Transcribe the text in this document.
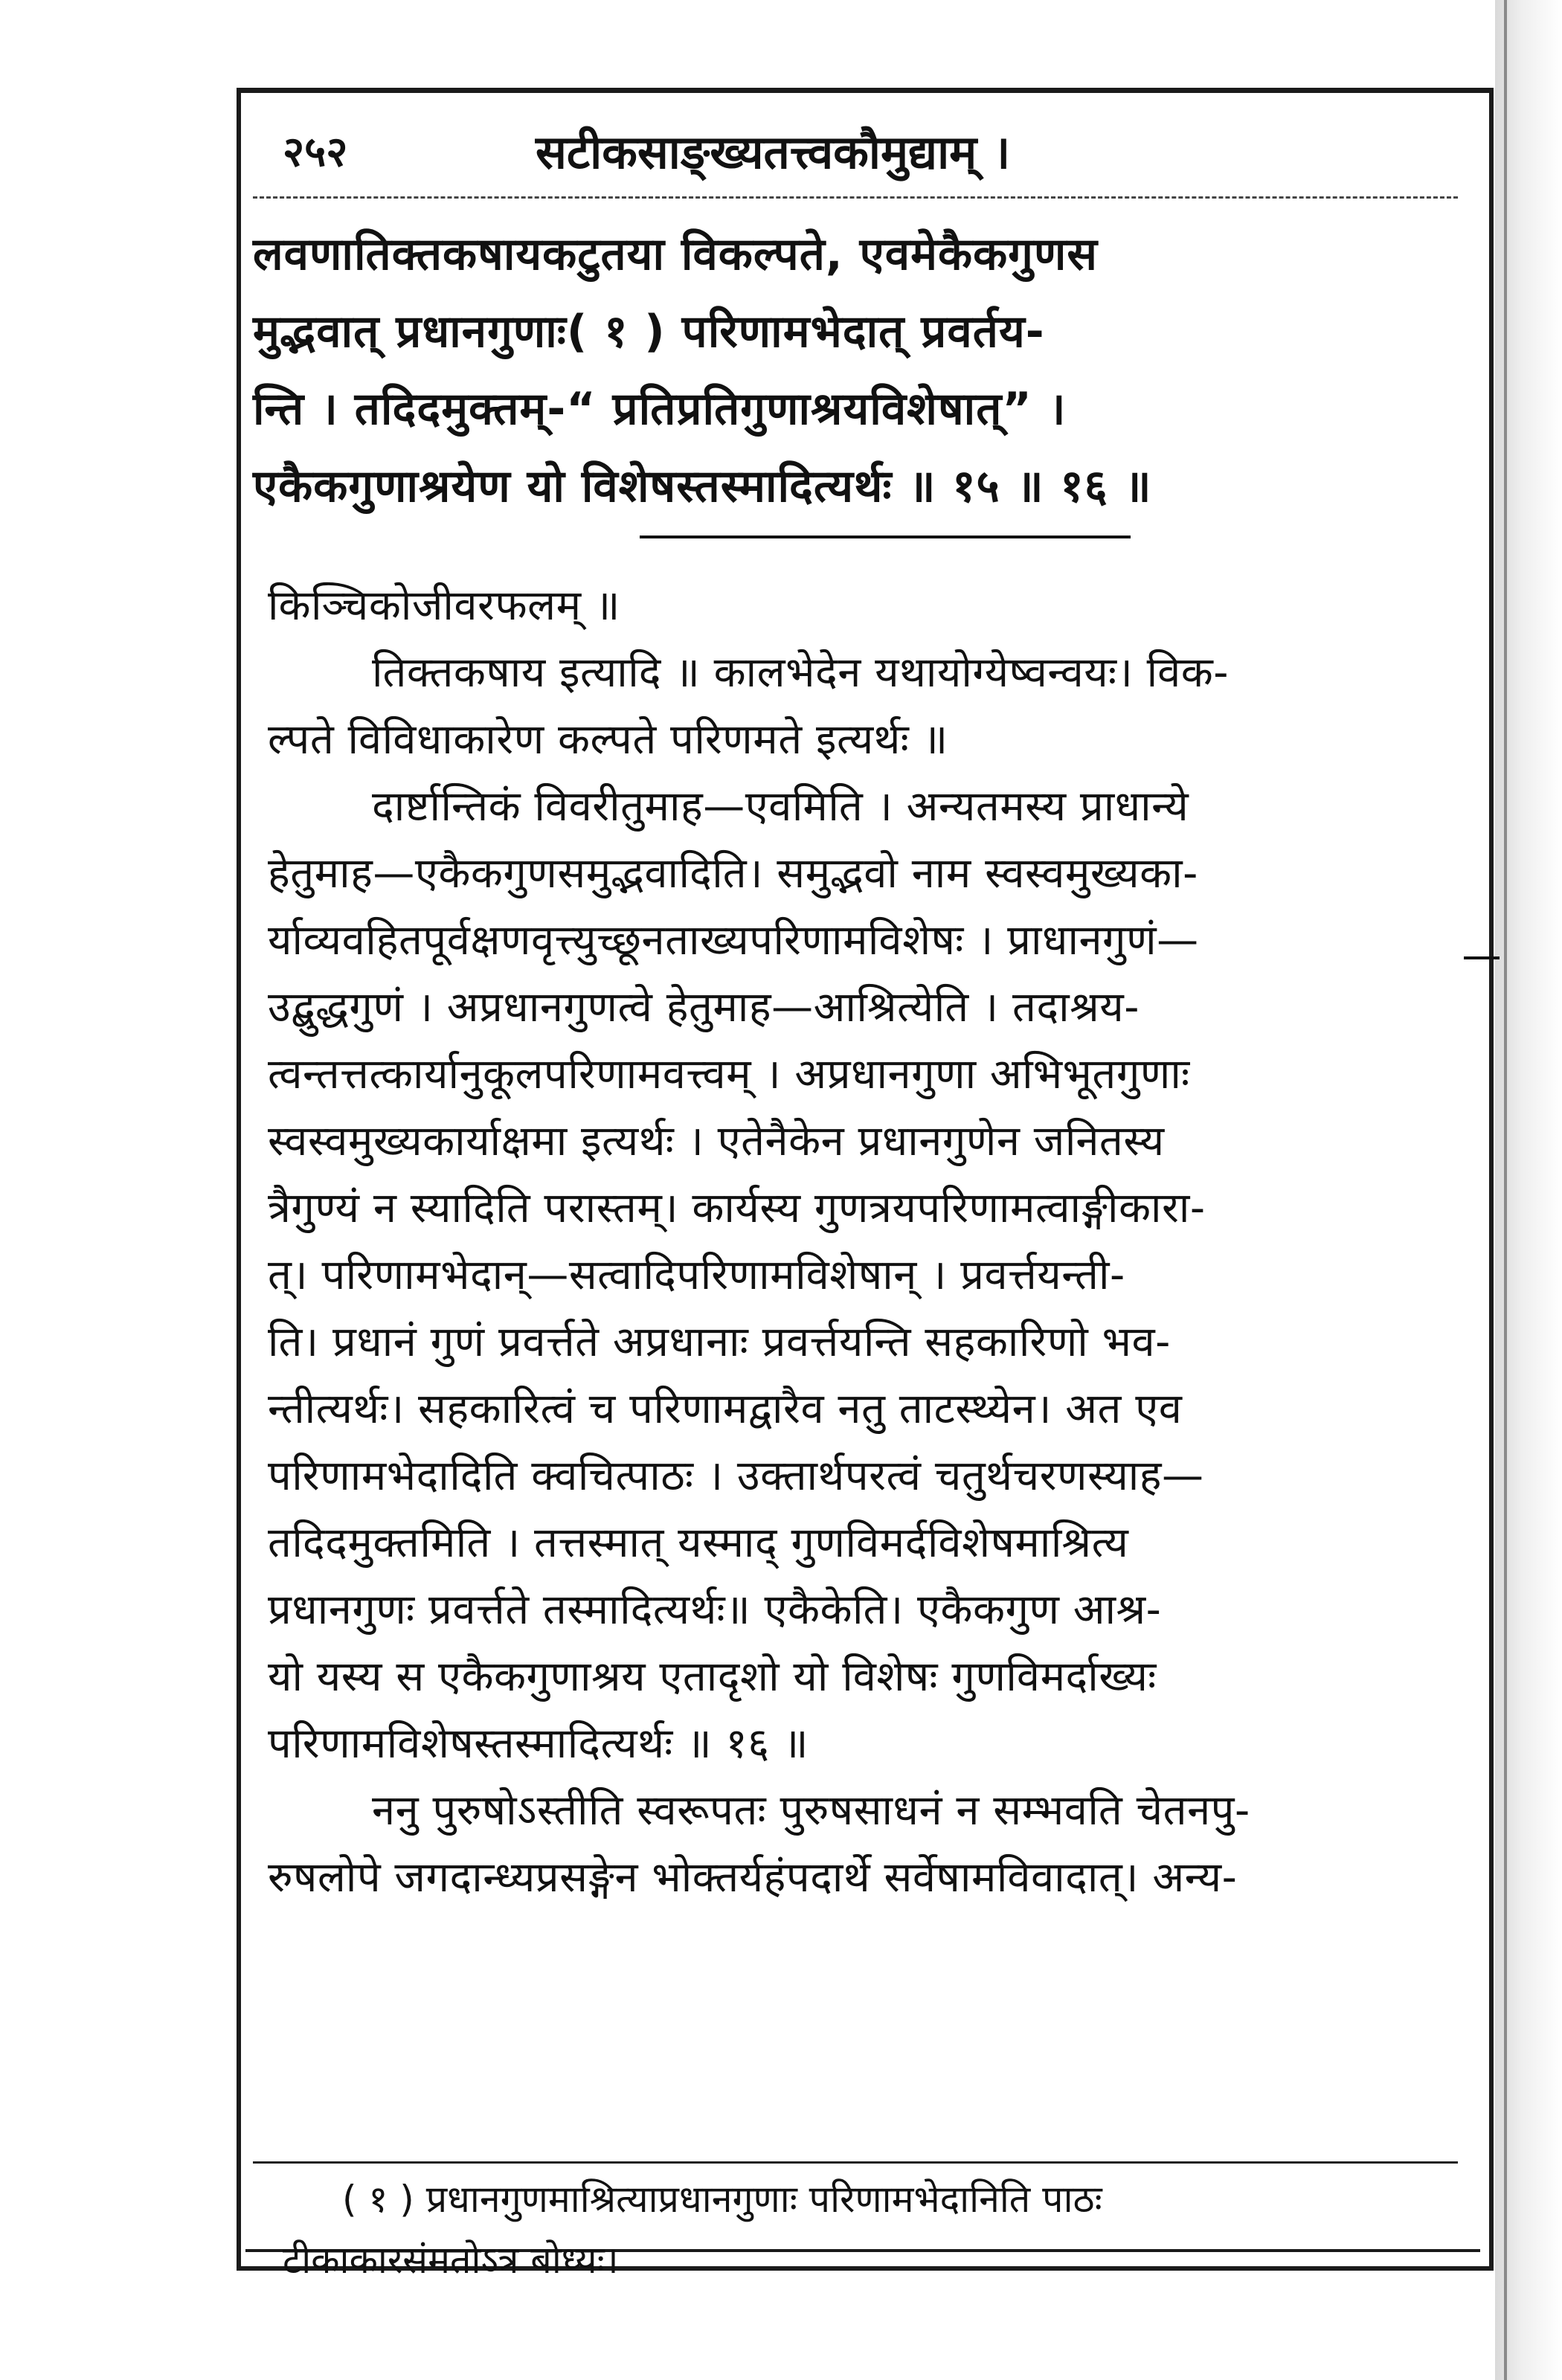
२५२	सटीकसाङ्ख्यतत्त्वकौमुद्याम् ।
लवणातिक्तकषायकटुतया विकल्पते, एवमेकैकगुणस
मुद्भवात् प्रधानगुणाः( १ ) परिणामभेदात् प्रवर्तय-
न्ति । तदिदमुक्तम्-“ प्रतिप्रतिगुणाश्रयविशेषात्” ।
एकैकगुणाश्रयेण यो विशेषस्तस्मादित्यर्थः ॥ १५ ॥ १६ ॥
किञ्चिकोजीवरफलम् ॥
तिक्तकषाय इत्यादि ॥ कालभेदेन यथायोग्येष्वन्वयः। विक-
ल्पते विविधाकारेण कल्पते परिणमते इत्यर्थः ॥
दार्ष्टान्तिकं विवरीतुमाह—एवमिति । अन्यतमस्य प्राधान्ये
हेतुमाह—एकैकगुणसमुद्भवादिति। समुद्भवो नाम स्वस्वमुख्यका-
र्याव्यवहितपूर्वक्षणवृत्त्युच्छूनताख्यपरिणामविशेषः । प्राधानगुणं—
उद्बुद्धगुणं । अप्रधानगुणत्वे हेतुमाह—आश्रित्येति । तदाश्रय-
त्वन्तत्तत्कार्यानुकूलपरिणामवत्त्वम् । अप्रधानगुणा अभिभूतगुणाः
स्वस्वमुख्यकार्याक्षमा इत्यर्थः । एतेनैकेन प्रधानगुणेन जनितस्य
त्रैगुण्यं न स्यादिति परास्तम्। कार्यस्य गुणत्रयपरिणामत्वाङ्गीकारा-
त्। परिणामभेदान्—सत्वादिपरिणामविशेषान् । प्रवर्त्तयन्ती-
ति। प्रधानं गुणं प्रवर्त्तते अप्रधानाः प्रवर्त्तयन्ति सहकारिणो भव-
न्तीत्यर्थः। सहकारित्वं च परिणामद्वारैव नतु ताटस्थ्येन। अत एव
परिणामभेदादिति क्वचित्पाठः । उक्तार्थपरत्वं चतुर्थचरणस्याह—
तदिदमुक्तमिति । तत्तस्मात् यस्माद् गुणविमर्दविशेषमाश्रित्य
प्रधानगुणः प्रवर्त्तते तस्मादित्यर्थः॥ एकैकेति। एकैकगुण आश्र-
यो यस्य स एकैकगुणाश्रय एतादृशो यो विशेषः गुणविमर्दाख्यः
परिणामविशेषस्तस्मादित्यर्थः ॥ १६ ॥
ननु पुरुषोऽस्तीति स्वरूपतः पुरुषसाधनं न सम्भवति चेतनपु-
रुषलोपे जगदान्ध्यप्रसङ्गेन भोक्तर्यहंपदार्थे सर्वेषामविवादात्। अन्य-
( १ ) प्रधानगुणमाश्रित्याप्रधानगुणाः परिणामभेदानिति पाठः
टीकाकारसंमतोऽत्र बोध्यः।
